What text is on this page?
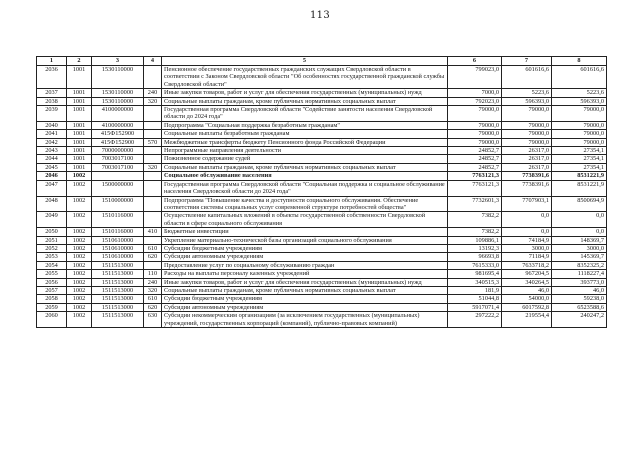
113
1	2	3	4	5	6	7	8
2036	1001	1530110000		Пенсионное обеспечение государственных гражданских служащих Свердловской области в соответствии с Законом Свердловской области "Об особенностях государственной гражданской службы Свердловской области"	799023,0	601616,6	601616,6
2037	1001	1530110000	240	Иные закупки товаров, работ и услуг для обеспечения государственных (муниципальных) нужд	7000,0	5223,6	5223,6
2038	1001	1530110000	320	Социальные выплаты гражданам, кроме публичных нормативных социальных выплат	792023,0	596393,0	596393,0
2039	1001	4100000000		Государственная программа Свердловской области "Содействие занятости населения Свердловской области до 2024 года"	79000,0	79000,0	79000,0
2040	1001	4100000000		Подпрограмма "Социальная поддержка безработным гражданам"	79000,0	79000,0	79000,0
2041	1001	415Ф152900		Социальные выплаты безработным гражданам	79000,0	79000,0	79000,0
2042	1001	415Ф152900	570	Межбюджетные трансферты бюджету Пенсионного фонда Российской Федерации	79000,0	79000,0	79000,0
2043	1001	7000000000		Непрограммные направления деятельности	24852,7	26317,0	27354,1
2044	1001	7003017100		Пожизненное содержание судей	24852,7	26317,0	27354,1
2045	1001	7003017100	320	Социальные выплаты гражданам, кроме публичных нормативных социальных выплат	24852,7	26317,0	27354,1
2046	1002			Социальное обслуживание населения	7763121,3	7738391,6	8531221,9
2047	1002	1500000000		Государственная программа Свердловской области "Социальная поддержка и социальное обслуживание населения Свердловской области до 2024 года"	7763121,3	7738391,6	8531221,9
2048	1002	1510000000		Подпрограмма "Повышение качества и доступности социального обслуживания. Обеспечение соответствия системы социальных услуг современной структуре потребностей общества"	7732601,3	7707903,1	8500694,9
2049	1002	1510116000		Осуществление капитальных вложений в объекты государственной собственности Свердловской области в сфере социального обслуживания	7382,2	0,0	0,0
2050	1002	1510116000	410	Бюджетные инвестиции	7382,2	0,0	0,0
2051	1002	1510610000		Укрепление материально-технической базы организаций социального обслуживания	109886,1	74184,9	148369,7
2052	1002	1510610000	610	Субсидии бюджетным учреждениям	13192,3	3000,0	3000,0
2053	1002	1510610000	620	Субсидии автономным учреждениям	96693,8	71184,9	145369,7
2054	1002	1511513000		Предоставление услуг по социальному обслуживанию граждан	7615333,0	7633718,2	8352325,2
2055	1002	1511513000	110	Расходы на выплаты персоналу казенных учреждений	981695,4	967204,5	1118227,4
2056	1002	1511513000	240	Иные закупки товаров, работ и услуг для обеспечения государственных (муниципальных) нужд	340515,3	340264,5	393773,0
2057	1002	1511513000	320	Социальные выплаты гражданам, кроме публичных нормативных социальных выплат	181,9	46,0	46,0
2058	1002	1511513000	610	Субсидии бюджетным учреждениям	51044,8	54000,0	59238,0
2059	1002	1511513000	620	Субсидии автономным учреждениям	5917071,4	6017592,8	6523588,6
2060	1002	1511513000	630	Субсидии некоммерческим организациям (за исключением государственных (муниципальных) учреждений, государственных корпораций (компаний), публично-правовых компаний)	297222,2	219554,4	240247,2
